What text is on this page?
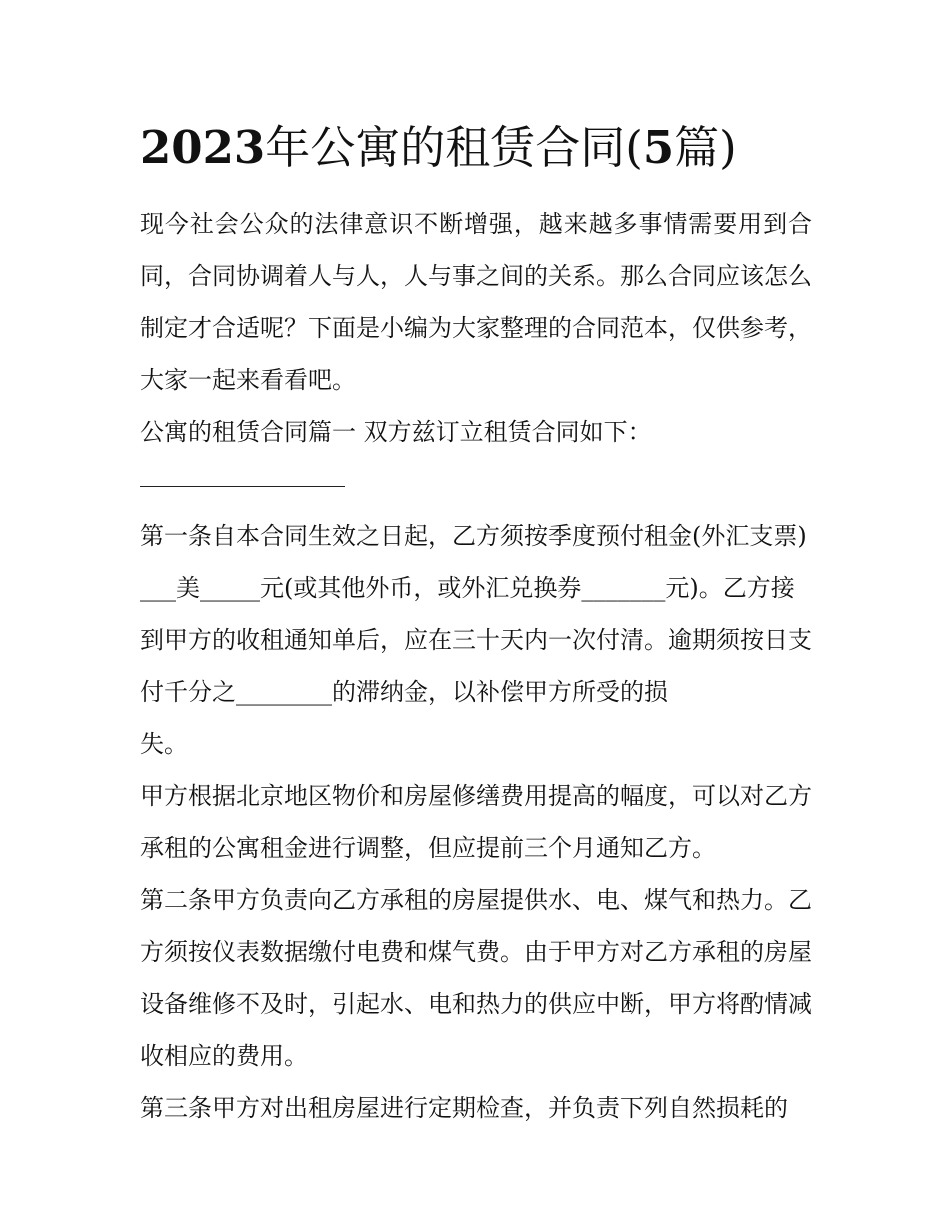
2023年公寓的租赁合同(5篇)

现今社会公众的法律意识不断增强，越来越多事情需要用到合同，合同协调着人与人，人与事之间的关系。那么合同应该怎么制定才合适呢？下面是小编为大家整理的合同范本，仅供参考，大家一起来看看吧。

公寓的租赁合同篇一 双方兹订立租赁合同如下：

第一条自本合同生效之日起，乙方须按季度预付租金(外汇支票)___美_____元(或其他外币，或外汇兑换券_______元)。乙方接到甲方的收租通知单后，应在三十天内一次付清。逾期须按日支付千分之________的滞纳金，以补偿甲方所受的损
失。

甲方根据北京地区物价和房屋修缮费用提高的幅度，可以对乙方承租的公寓租金进行调整，但应提前三个月通知乙方。

第二条甲方负责向乙方承租的房屋提供水、电、煤气和热力。乙方须按仪表数据缴付电费和煤气费。由于甲方对乙方承租的房屋设备维修不及时，引起水、电和热力的供应中断，甲方将酌情减收相应的费用。

第三条甲方对出租房屋进行定期检查，并负责下列自然损耗的
